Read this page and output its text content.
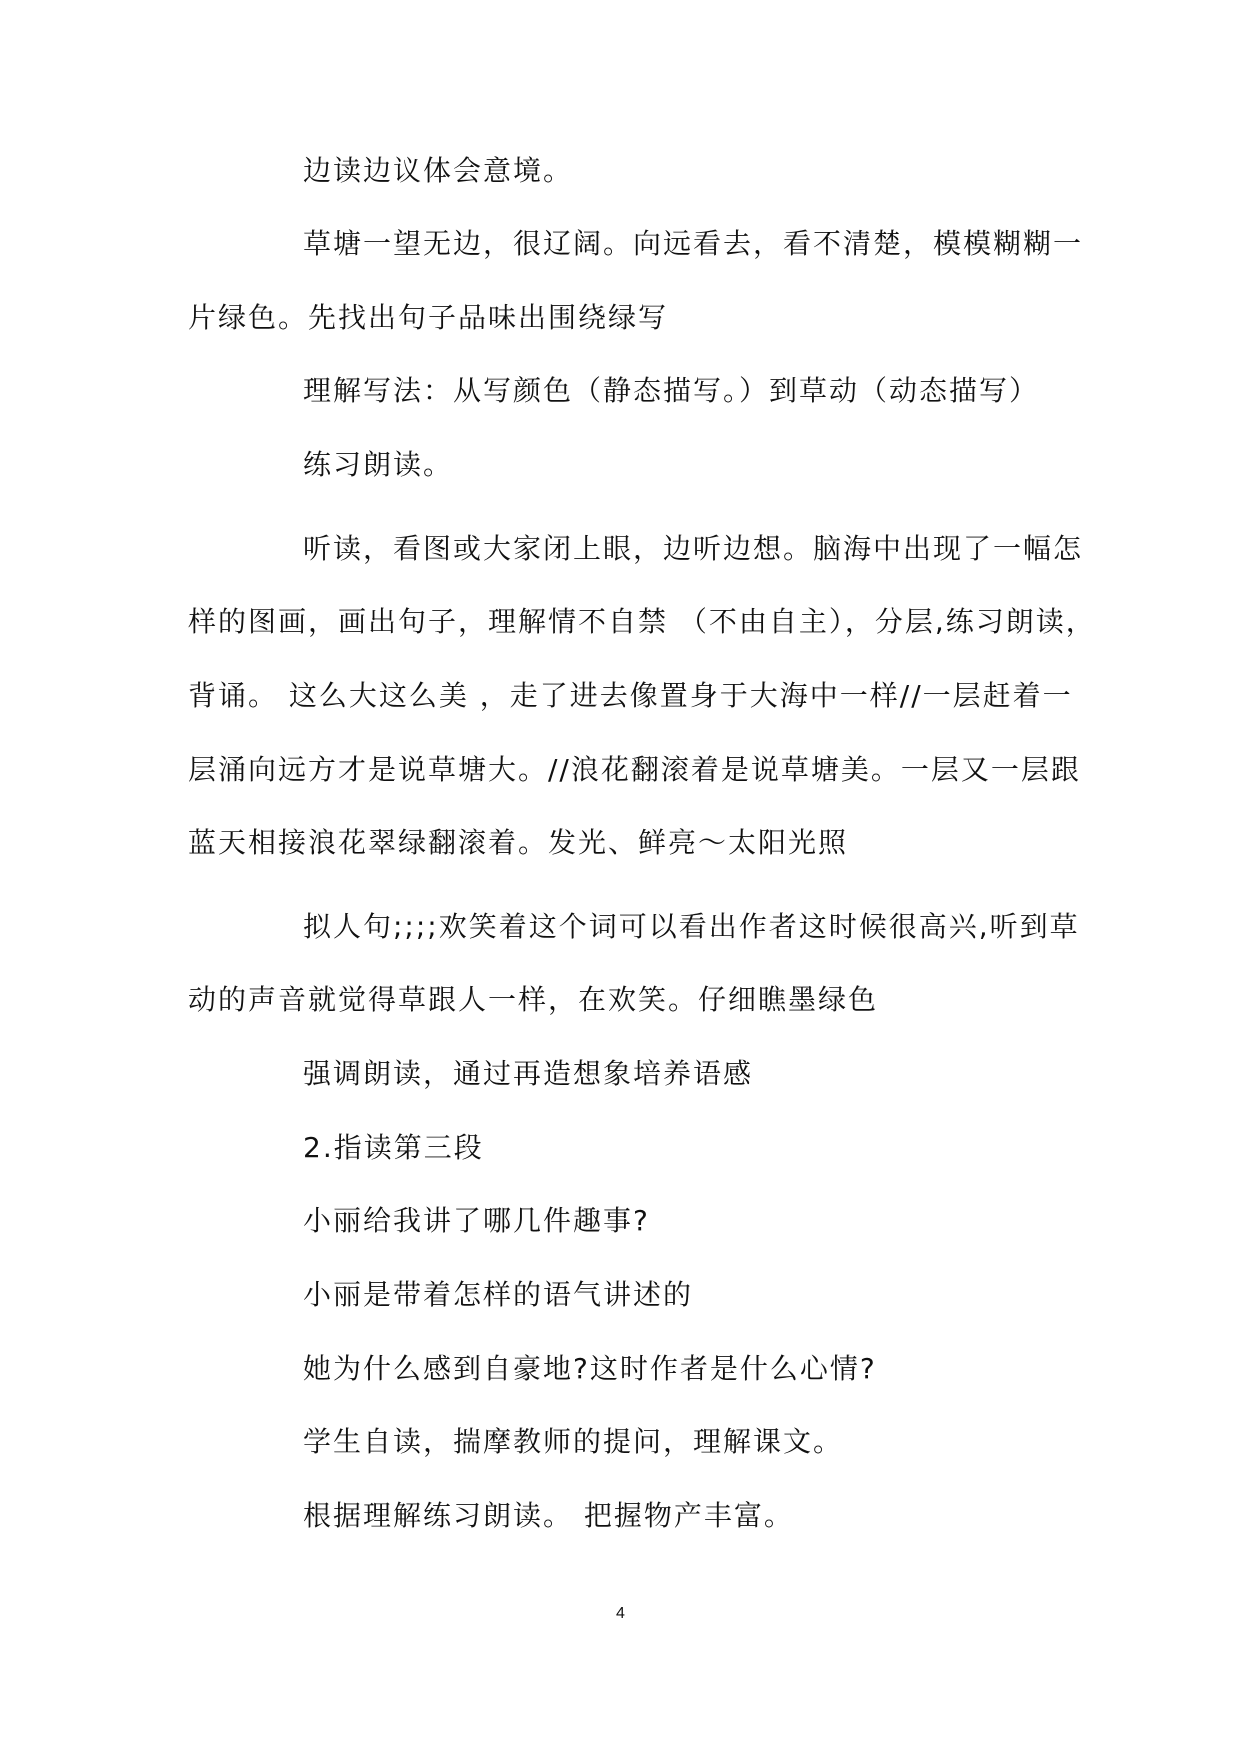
边读边议体会意境。
草塘一望无边，很辽阔。向远看去，看不清楚，模模糊糊一
片绿色。先找出句子品味出围绕绿写
理解写法：从写颜色（静态描写。）到草动（动态描写）
练习朗读。
听读，看图或大家闭上眼，边听边想。脑海中出现了一幅怎
样的图画，画出句子，理解情不自禁 （不由自主），分层,练习朗读，
背诵。 这么大这么美 ，走了进去像置身于大海中一样//一层赶着一
层涌向远方才是说草塘大。//浪花翻滚着是说草塘美。一层又一层跟
蓝天相接浪花翠绿翻滚着。发光、鲜亮～太阳光照
拟人句;;;;欢笑着这个词可以看出作者这时候很高兴,听到草
动的声音就觉得草跟人一样，在欢笑。仔细瞧墨绿色
强调朗读，通过再造想象培养语感
2.指读第三段
小丽给我讲了哪几件趣事?
小丽是带着怎样的语气讲述的
她为什么感到自豪地?这时作者是什么心情?
学生自读，揣摩教师的提问，理解课文。
根据理解练习朗读。 把握物产丰富。
4
